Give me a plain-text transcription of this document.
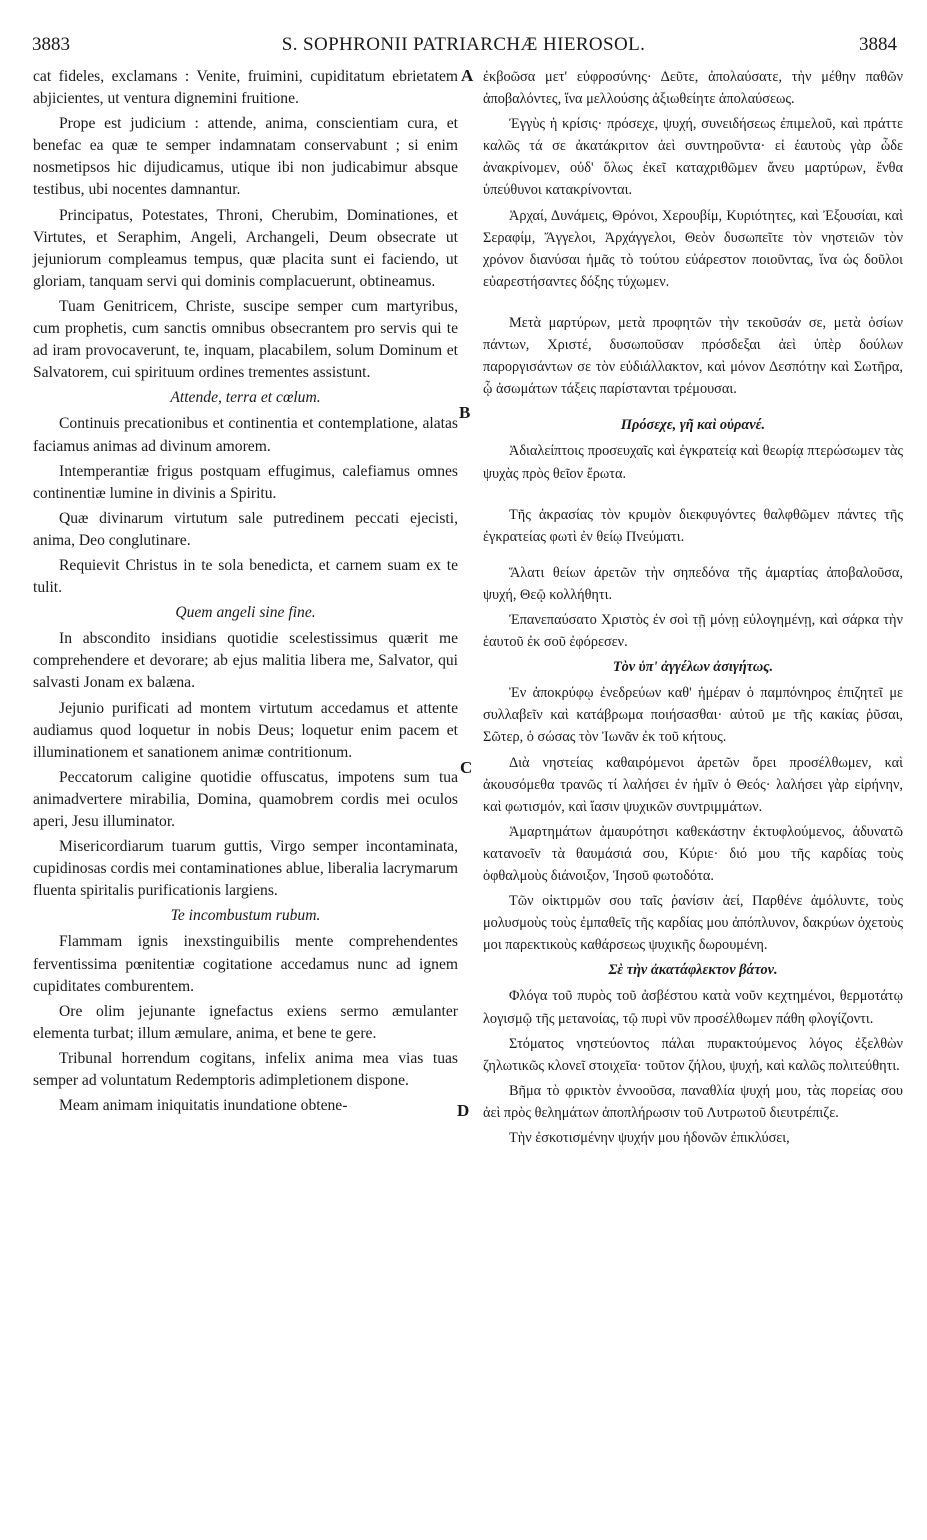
3883	S. SOPHRONII PATRIARCHÆ HIEROSOL.	3884
A
B
C
D

cat fideles, exclamans : Venite, fruimini, cupiditatum ebrietatem abjicientes, ut ventura dignemini fruitione.

Prope est judicium : attende, anima, conscientiam cura, et benefac ea quæ te semper indamnatam conservabunt ; si enim nosmetipsos hic dijudicamus, utique ibi non judicabimur absque testibus, ubi nocentes damnantur.

Principatus, Potestates, Throni, Cherubim, Dominationes, et Virtutes, et Seraphim, Angeli, Archangeli, Deum obsecrate ut jejuniorum compleamus tempus, quæ placita sunt ei faciendo, ut gloriam, tanquam servi qui dominis complacuerunt, obtineamus.

Tuam Genitricem, Christe, suscipe semper cum martyribus, cum prophetis, cum sanctis omnibus obsecrantem pro servis qui te ad iram provocaverunt, te, inquam, placabilem, solum Dominum et Salvatorem, cui spirituum ordines trementes assistunt.

Attende, terra et cœlum.

Continuis precationibus et continentia et contemplatione, alatas faciamus animas ad divinum amorem.

Intemperantiæ frigus postquam effugimus, calefiamus omnes continentiæ lumine in divinis a Spiritu.

Quæ divinarum virtutum sale putredinem peccati ejecisti, anima, Deo conglutinare.

Requievit Christus in te sola benedicta, et carnem suam ex te tulit.

Quem angeli sine fine.

In abscondito insidians quotidie scelestissimus quærit me comprehendere et devorare; ab ejus malitia libera me, Salvator, qui salvasti Jonam ex balæna.

Jejunio purificati ad montem virtutum accedamus et attente audiamus quod loquetur in nobis Deus; loquetur enim pacem et illuminationem et sanationem animæ contritionum.

Peccatorum caligine quotidie offuscatus, impotens sum tua animadvertere mirabilia, Domina, quamobrem cordis mei oculos aperi, Jesu illuminator.

Misericordiarum tuarum guttis, Virgo semper incontaminata, cupidinosas cordis mei contaminationes ablue, liberalia lacrymarum fluenta spiritalis purificationis largiens.

Te incombustum rubum.

Flammam ignis inexstinguibilis mente comprehendentes ferventissima pœnitentiæ cogitatione accedamus nunc ad ignem cupiditates comburentem.

Ore olim jejunante ignefactus exiens sermo æmulanter elementa turbat; illum æmulare, anima, et bene te gere.

Tribunal horrendum cogitans, infelix anima mea vias tuas semper ad voluntatum Redemptoris adimpletionem dispone.

Meam animam iniquitatis inundatione obtene-

ἐκβοῶσα μετ' εὐφροσύνης· Δεῦτε, ἀπολαύσατε, τὴν μέθην παθῶν ἀποβαλόντες, ἵνα μελλούσης ἀξιωθείητε ἀπολαύσεως.

Ἐγγὺς ἡ κρίσις· πρόσεχε, ψυχή, συνειδήσεως ἐπιμελοῦ, καὶ πράττε καλῶς τά σε ἀκατάκριτον ἀεὶ συντηροῦντα· εἰ ἑαυτοὺς γὰρ ὧδε ἀνακρίνομεν, οὐδ' ὅλως ἐκεῖ καταχριθῶμεν ἄνευ μαρτύρων, ἔνθα ὑπεύθυνοι κατακρίνονται.

Ἀρχαί, Δυνάμεις, Θρόνοι, Χερουβίμ, Κυριότητες, καὶ Ἐξουσίαι, καὶ Σεραφίμ, Ἄγγελοι, Ἀρχάγγελοι, Θεὸν δυσωπεῖτε τὸν νηστειῶν τὸν χρόνον διανύσαι ἡμᾶς τὸ τούτου εὐάρεστον ποιοῦντας, ἵνα ὡς δοῦλοι εὐαρεστήσαντες δόξης τύχωμεν.

Μετὰ μαρτύρων, μετὰ προφητῶν τὴν τεκοῦσάν σε, μετὰ ὁσίων πάντων, Χριστέ, δυσωποῦσαν πρόσδεξαι ἀεὶ ὑπὲρ δούλων παροργισάντων σε τὸν εὐδιάλλακτον, καὶ μόνον Δεσπότην καὶ Σωτῆρα, ᾧ ἀσωμάτων τάξεις παρίστανται τρέμουσαι.

Πρόσεχε, γῆ καὶ οὐρανέ.

Ἀδιαλείπτοις προσευχαῖς καὶ ἐγκρατείᾳ καὶ θεωρίᾳ πτερώσωμεν τὰς ψυχὰς πρὸς θεῖον ἔρωτα.

Τῆς ἀκρασίας τὸν κρυμὸν διεκφυγόντες θαλφθῶμεν πάντες τῆς ἐγκρατείας φωτὶ ἐν θείῳ Πνεύματι.

Ἅλατι θείων ἀρετῶν τὴν σηπεδόνα τῆς ἁμαρτίας ἀποβαλοῦσα, ψυχή, Θεῷ κολλήθητι.

Ἐπανεπαύσατο Χριστὸς ἐν σοὶ τῇ μόνῃ εὐλογημένῃ, καὶ σάρκα τὴν ἑαυτοῦ ἐκ σοῦ ἐφόρεσεν.

Τὸν ὑπ' ἀγγέλων ἀσιγήτως.

Ἐν ἀποκρύφῳ ἐνεδρεύων καθ' ἡμέραν ὁ παμπόνηρος ἐπιζητεῖ με συλλαβεῖν καὶ κατάβρωμα ποιήσασθαι· αὐτοῦ με τῆς κακίας ῥῦσαι, Σῶτερ, ὁ σώσας τὸν Ἰωνᾶν ἐκ τοῦ κήτους.

Διὰ νηστείας καθαιρόμενοι ἀρετῶν ὄρει προσέλθωμεν, καὶ ἀκουσόμεθα τρανῶς τί λαλήσει ἐν ἡμῖν ὁ Θεός· λαλήσει γὰρ εἰρήνην, καὶ φωτισμόν, καὶ ἴασιν ψυχικῶν συντριμμάτων.

Ἁμαρτημάτων ἀμαυρότησι καθεκάστην ἐκτυφλούμενος, ἀδυνατῶ κατανοεῖν τὰ θαυμάσιά σου, Κύριε· διό μου τῆς καρδίας τοὺς ὀφθαλμοὺς διάνοιξον, Ἰησοῦ φωτοδότα.

Τῶν οἰκτιρμῶν σου ταῖς ῥανίσιν ἀεί, Παρθένε ἀμόλυντε, τοὺς μολυσμοὺς τοὺς ἐμπαθεῖς τῆς καρδίας μου ἀπόπλυνον, δακρύων ὀχετοὺς μοι παρεκτικοὺς καθάρσεως ψυχικῆς δωρουμένη.

Σὲ τὴν ἀκατάφλεκτον βάτον.

Φλόγα τοῦ πυρὸς τοῦ ἀσβέστου κατὰ νοῦν κεχτημένοι, θερμοτάτῳ λογισμῷ τῆς μετανοίας, τῷ πυρὶ νῦν προσέλθωμεν πάθη φλογίζοντι.

Στόματος νηστεύοντος πάλαι πυρακτούμενος λόγος ἐξελθὼν ζηλωτικῶς κλονεῖ στοιχεῖα· τοῦτον ζήλου, ψυχή, καὶ καλῶς πολιτεύθητι.

Βῆμα τὸ φρικτὸν ἐννοοῦσα, παναθλία ψυχή μου, τὰς πορείας σου ἀεὶ πρὸς θελημάτων ἀποπλήρωσιν τοῦ Λυτρωτοῦ διευτρέπιζε.

Τὴν ἐσκοτισμένην ψυχήν μου ἡδονῶν ἐπικλύσει,
